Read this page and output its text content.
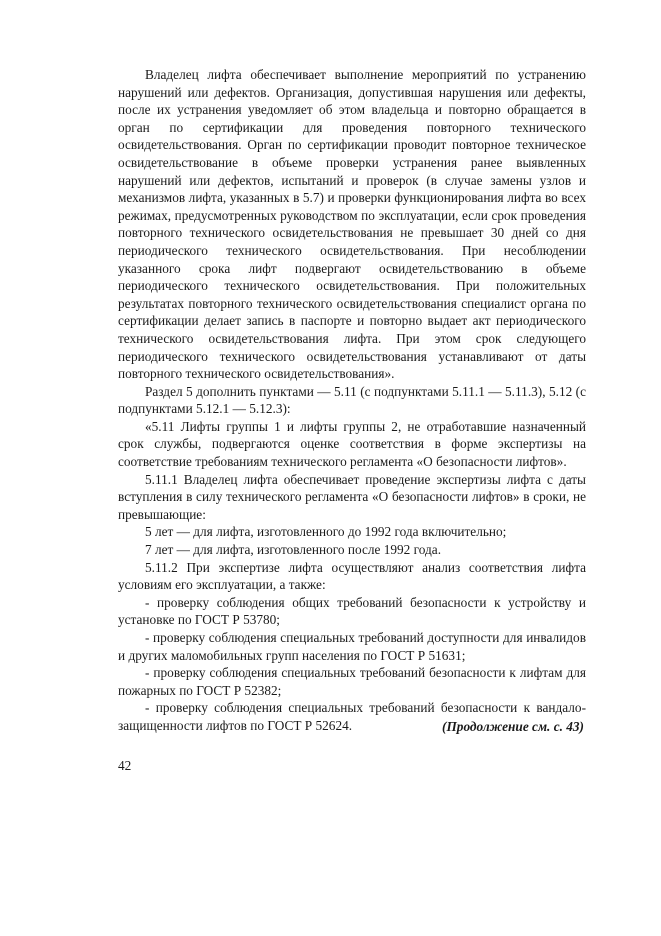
Владелец лифта обеспечивает выполнение мероприятий по устранению нарушений или дефектов. Организация, допустившая нарушения или дефекты, после их устранения уведомляет об этом владельца и повторно обращается в орган по сертификации для проведения повторного технического освидетельствования. Орган по сертификации проводит повторное техническое освидетельствование в объеме проверки устранения ранее выявленных нарушений или дефектов, испытаний и проверок (в случае замены узлов и механизмов лифта, указанных в 5.7) и проверки функционирования лифта во всех режимах, предусмотренных руководством по эксплуатации, если срок проведения повторного технического освидетельствования не превышает 30 дней со дня периодического технического освидетельствования. При несоблюдении указанного срока лифт подвергают освидетельствованию в объеме периодического технического освидетельствования. При положительных результатах повторного технического освидетельствования специалист органа по сертификации делает запись в паспорте и повторно выдает акт периодического технического освидетельствования лифта. При этом срок следующего периодического технического освидетельствования устанавливают от даты повторного технического освидетельствования».

Раздел 5 дополнить пунктами — 5.11 (с подпунктами 5.11.1 — 5.11.3), 5.12 (с подпунктами 5.12.1 — 5.12.3):

«5.11 Лифты группы 1 и лифты группы 2, не отработавшие назначенный срок службы, подвергаются оценке соответствия в форме экспертизы на соответствие требованиям технического регламента «О безопасности лифтов».

5.11.1 Владелец лифта обеспечивает проведение экспертизы лифта с даты вступления в силу технического регламента «О безопасности лифтов» в сроки, не превышающие:

5 лет — для лифта, изготовленного до 1992 года включительно;

7 лет — для лифта, изготовленного после 1992 года.

5.11.2 При экспертизе лифта осуществляют анализ соответствия лифта условиям его эксплуатации, а также:

- проверку соблюдения общих требований безопасности к устройству и установке по ГОСТ Р 53780;

- проверку соблюдения специальных требований доступности для инвалидов и других маломобильных групп населения по ГОСТ Р 51631;

- проверку соблюдения специальных требований безопасности к лифтам для пожарных по ГОСТ Р 52382;

- проверку соблюдения специальных требований безопасности к вандало-защищенности лифтов по ГОСТ Р 52624.	(Продолжение см. с. 43)
42
